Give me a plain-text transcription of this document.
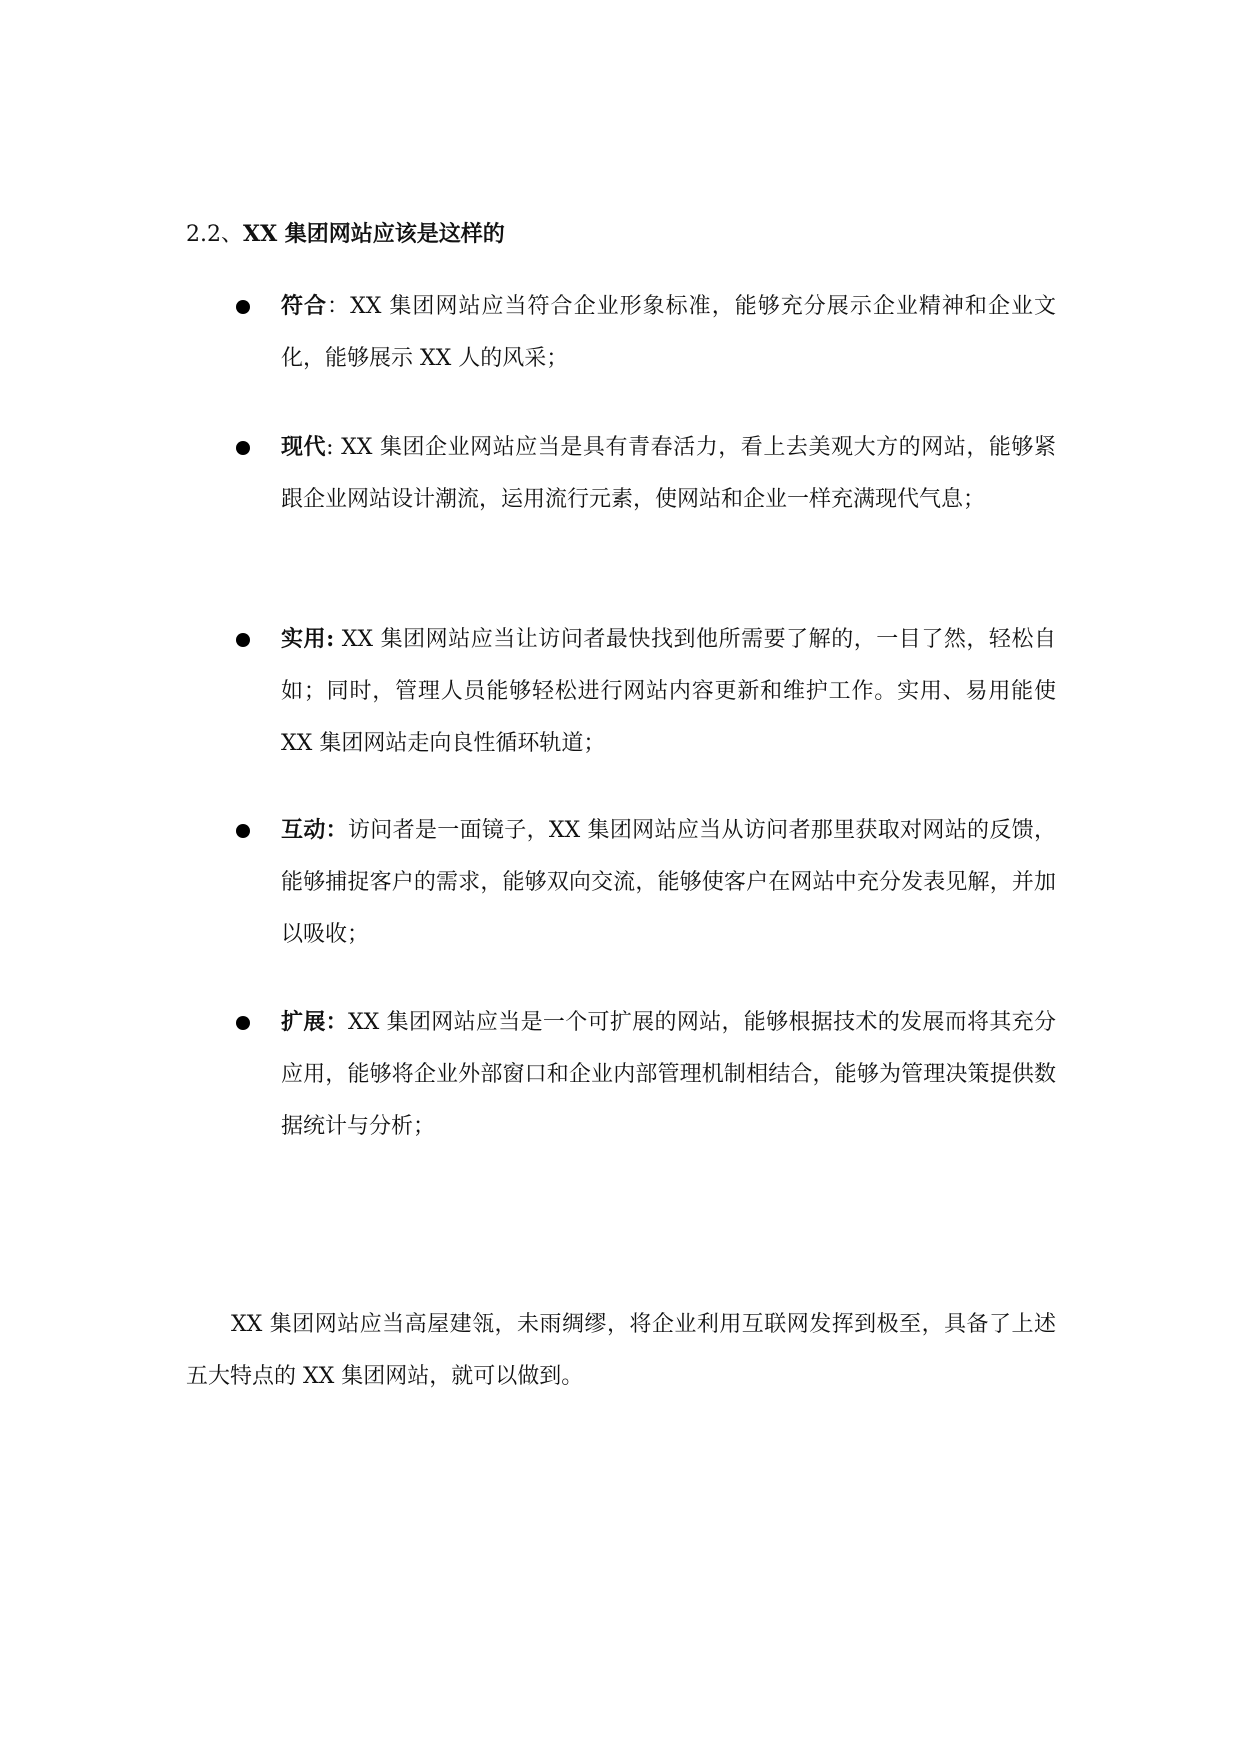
2.2、XX 集团网站应该是这样的
符合：XX 集团网站应当符合企业形象标准，能够充分展示企业精神和企业文化，能够展示 XX 人的风采；
现代: XX 集团企业网站应当是具有青春活力，看上去美观大方的网站，能够紧跟企业网站设计潮流，运用流行元素，使网站和企业一样充满现代气息；
实用: XX 集团网站应当让访问者最快找到他所需要了解的，一目了然，轻松自如；同时，管理人员能够轻松进行网站内容更新和维护工作。实用、易用能使 XX 集团网站走向良性循环轨道；
互动：访问者是一面镜子，XX 集团网站应当从访问者那里获取对网站的反馈，能够捕捉客户的需求，能够双向交流，能够使客户在网站中充分发表见解，并加以吸收；
扩展：XX 集团网站应当是一个可扩展的网站，能够根据技术的发展而将其充分应用，能够将企业外部窗口和企业内部管理机制相结合，能够为管理决策提供数据统计与分析；
XX 集团网站应当高屋建瓴，未雨绸缪，将企业利用互联网发挥到极至，具备了上述五大特点的 XX 集团网站，就可以做到。
